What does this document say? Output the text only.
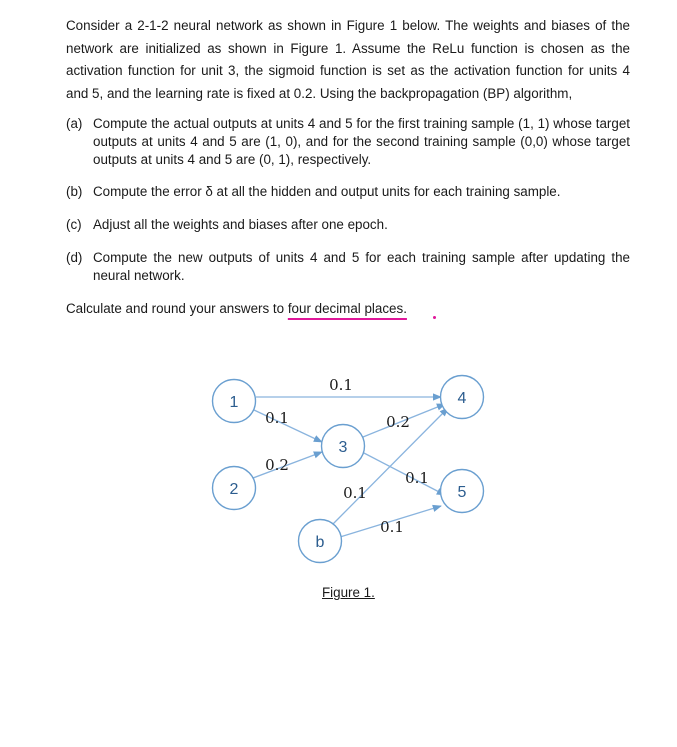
Consider a 2-1-2 neural network as shown in Figure 1 below. The weights and biases of the network are initialized as shown in Figure 1. Assume the ReLu function is chosen as the activation function for unit 3, the sigmoid function is set as the activation function for units 4 and 5, and the learning rate is fixed at 0.2. Using the backpropagation (BP) algorithm,

(a) Compute the actual outputs at units 4 and 5 for the first training sample (1, 1) whose target outputs at units 4 and 5 are (1, 0), and for the second training sample (0,0) whose target outputs at units 4 and 5 are (0, 1), respectively.
(b) Compute the error δ at all the hidden and output units for each training sample.
(c) Adjust all the weights and biases after one epoch.
(d) Compute the new outputs of units 4 and 5 for each training sample after updating the neural network.

Calculate and round your answers to four decimal places.

1
2
3
4
5
b
0.1
0.1
0.2
0.2
0.1
0.1
0.1
Figure 1.
